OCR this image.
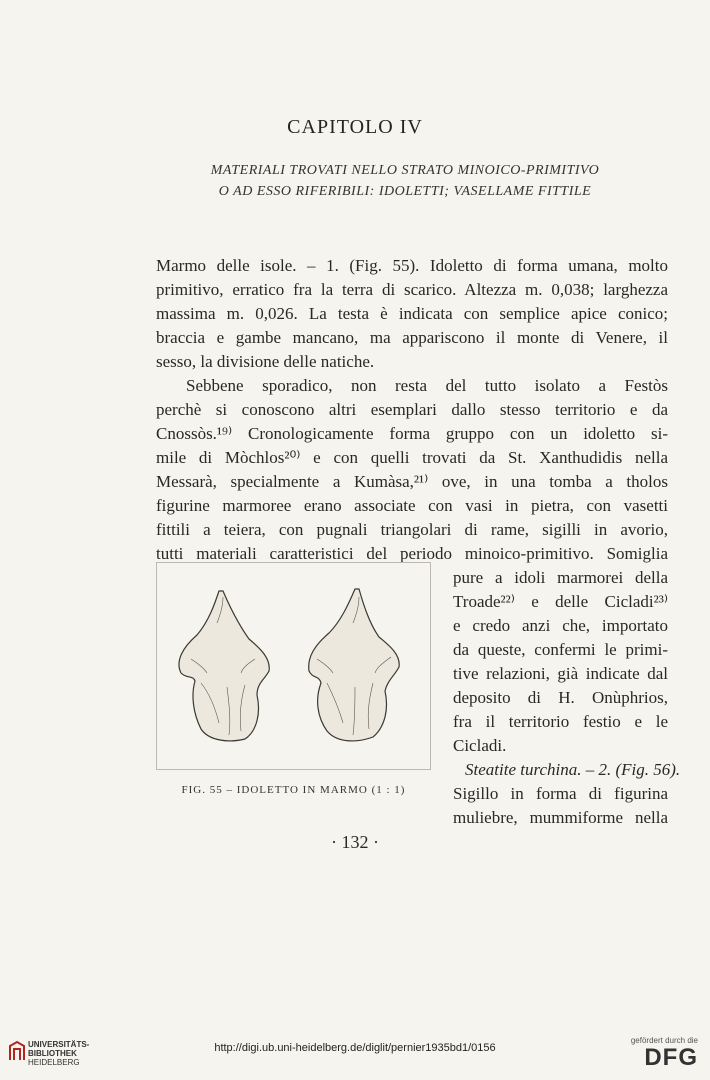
CAPITOLO IV
MATERIALI TROVATI NELLO STRATO MINOICO-PRIMITIVO
O AD ESSO RIFERIBILI: IDOLETTI; VASELLAME FITTILE
Marmo delle isole. – 1. (Fig. 55). Idoletto di forma umana, molto
primitivo, erratico fra la terra di scarico. Altezza m. 0,038; larghezza
massima m. 0,026. La testa è indicata con semplice apice conico;
braccia e gambe mancano, ma appariscono il monte di Venere, il
sesso, la divisione delle natiche.
Sebbene sporadico, non resta del tutto isolato a Festòs
perchè si conoscono altri esemplari dallo stesso territorio e da
Cnossòs.¹⁹⁾ Cronologicamente forma gruppo con un idoletto si-
mile di Mòchlos²⁰⁾ e con quelli trovati da St. Xanthudidis nella
Messarà, specialmente a Kumàsa,²¹⁾ ove, in una tomba a tholos
figurine marmoree erano associate con vasi in pietra, con vasetti
fittili a teiera, con pugnali triangolari di rame, sigilli in avorio,
tutti materiali caratteristici del periodo minoico-primitivo. Somiglia
pure a idoli marmorei della
Troade²²⁾ e delle Cicladi²³⁾
e credo anzi che, importato
da queste, confermi le primi-
tive relazioni, già indicate dal
deposito di H. Onùphrios,
fra il territorio festio e le
Cicladi.
Steatite turchina. – 2. (Fig. 56).
Sigillo in forma di figurina
muliebre, mummiforme nella
FIG. 55 – IDOLETTO IN MARMO (1 : 1)
· 132 ·
UNIVERSITÄTS-
BIBLIOTHEK
HEIDELBERG
http://digi.ub.uni-heidelberg.de/diglit/pernier1935bd1/0156
gefördert durch die
DFG
